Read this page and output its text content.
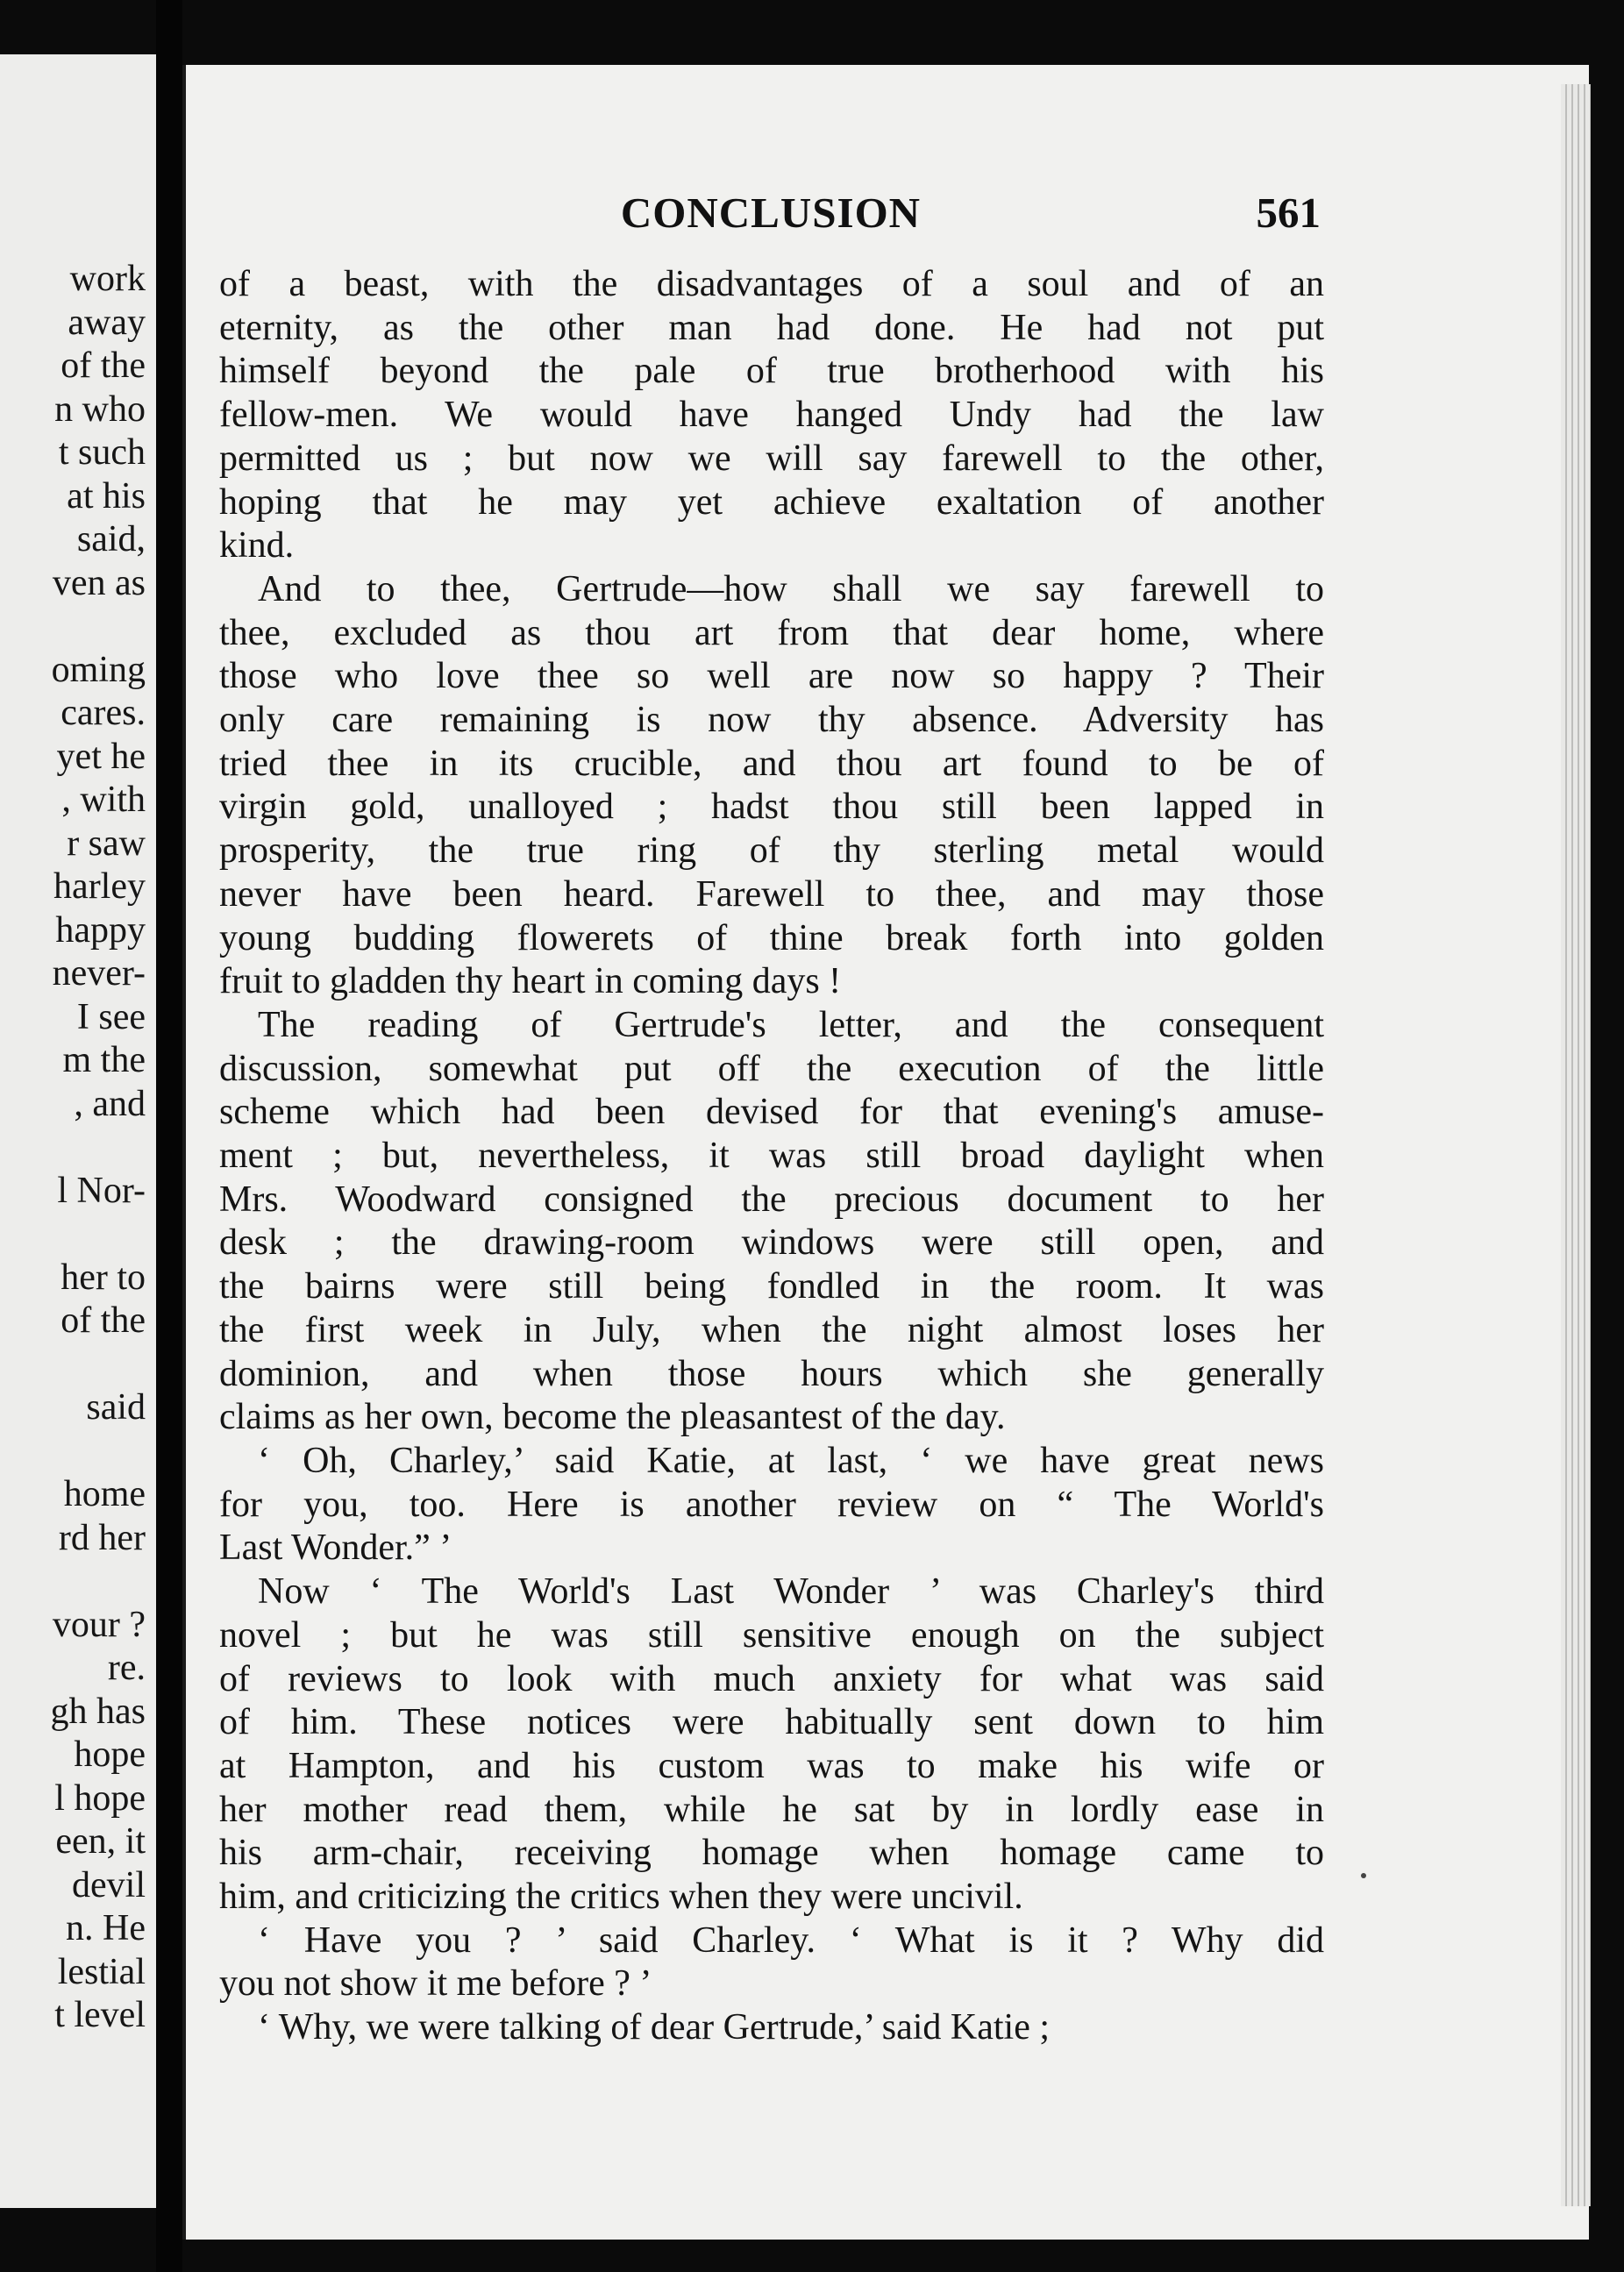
work
away
of the
n who
t such
at his
said,
ven as

oming
cares.
yet he
, with
r saw
harley
happy
never-
I see
m the
, and

l Nor-

her to
of the

said

home
rd her

vour ?
re.
gh has
hope
l hope
een, it
devil
n. He
lestial
t level
CONCLUSION	561
of a beast, with the disadvantages of a soul and of an
eternity, as the other man had done. He had not put
himself beyond the pale of true brotherhood with his
fellow-men. We would have hanged Undy had the law
permitted us ; but now we will say farewell to the other,
hoping that he may yet achieve exaltation of another
kind.
And to thee, Gertrude—how shall we say farewell to
thee, excluded as thou art from that dear home, where
those who love thee so well are now so happy ? Their
only care remaining is now thy absence. Adversity has
tried thee in its crucible, and thou art found to be of
virgin gold, unalloyed ; hadst thou still been lapped in
prosperity, the true ring of thy sterling metal would
never have been heard. Farewell to thee, and may those
young budding flowerets of thine break forth into golden
fruit to gladden thy heart in coming days !
The reading of Gertrude's letter, and the consequent
discussion, somewhat put off the execution of the little
scheme which had been devised for that evening's amuse-
ment ; but, nevertheless, it was still broad daylight when
Mrs. Woodward consigned the precious document to her
desk ; the drawing-room windows were still open, and
the bairns were still being fondled in the room. It was
the first week in July, when the night almost loses her
dominion, and when those hours which she generally
claims as her own, become the pleasantest of the day.
‘ Oh, Charley,’ said Katie, at last, ‘ we have great news
for you, too. Here is another review on “ The World's
Last Wonder.” ’
Now ‘ The World's Last Wonder ’ was Charley's third
novel ; but he was still sensitive enough on the subject
of reviews to look with much anxiety for what was said
of him. These notices were habitually sent down to him
at Hampton, and his custom was to make his wife or
her mother read them, while he sat by in lordly ease in
his arm-chair, receiving homage when homage came to
him, and criticizing the critics when they were uncivil.
‘ Have you ? ’ said Charley. ‘ What is it ? Why did
you not show it me before ? ’
‘ Why, we were talking of dear Gertrude,’ said Katie ;
